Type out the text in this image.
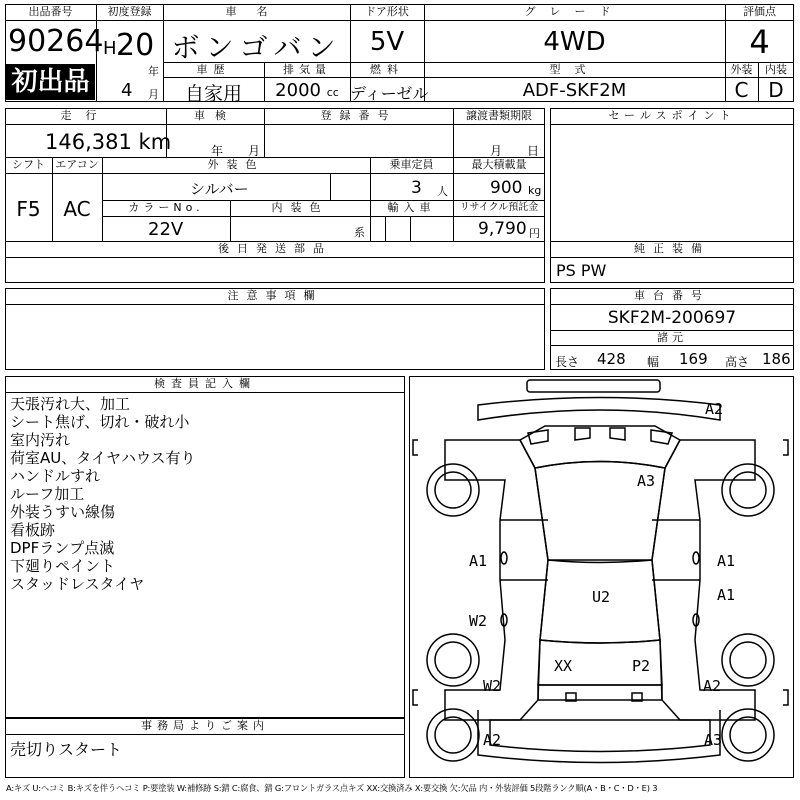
出品番号
90264
初出品
初度登録
H 20
年
4 月
車名
ボンゴバン
ドア形状
5V
グレード
4WD
評価点
4
車歴
自家用
排気量
2000 cc
燃料
ディーゼル
型式
ADF-SKF2M
外装	内装
C D
走行
146,381 km
車検
年 月
登録番号	譲渡書類期限
月 日
シフト エアコン
F5	AC
外装色
シルバー
乗車定員
3 人
最大積載量
900 kg
カラーNo.
22V
内装色
系
輸入車	リサイクル預託金
9,790 円
後日発送部品
セールスポイント
純正装備
PS PW
注意事項欄	車台番号
SKF2M-200697
諸元
長さ 428 幅 169 高さ 186
検査員記入欄
天張汚れ大、加工
シート焦げ、切れ・破れ小
室内汚れ
荷室AU、タイヤハウス有り
ハンドルすれ
ルーフ加工
外装うすい線傷
看板跡
DPFランプ点滅
下廻りペイント
スタッドレスタイヤ
事務局よりご案内
売切りスタート
A2
A3
A1	A1
A1
U2
W2
XX	P2
W2	A2
A2	A3
A:キズ U:ヘコミ B:キズを伴うヘコミ P:要塗装 W:補修跡 S:錆 C:腐食、錆 G:フロントガラス点キズ XX:交換済み X:要交換 欠:欠品 内・外装評価 5段階ランク順(A・B・C・D・E) 3
